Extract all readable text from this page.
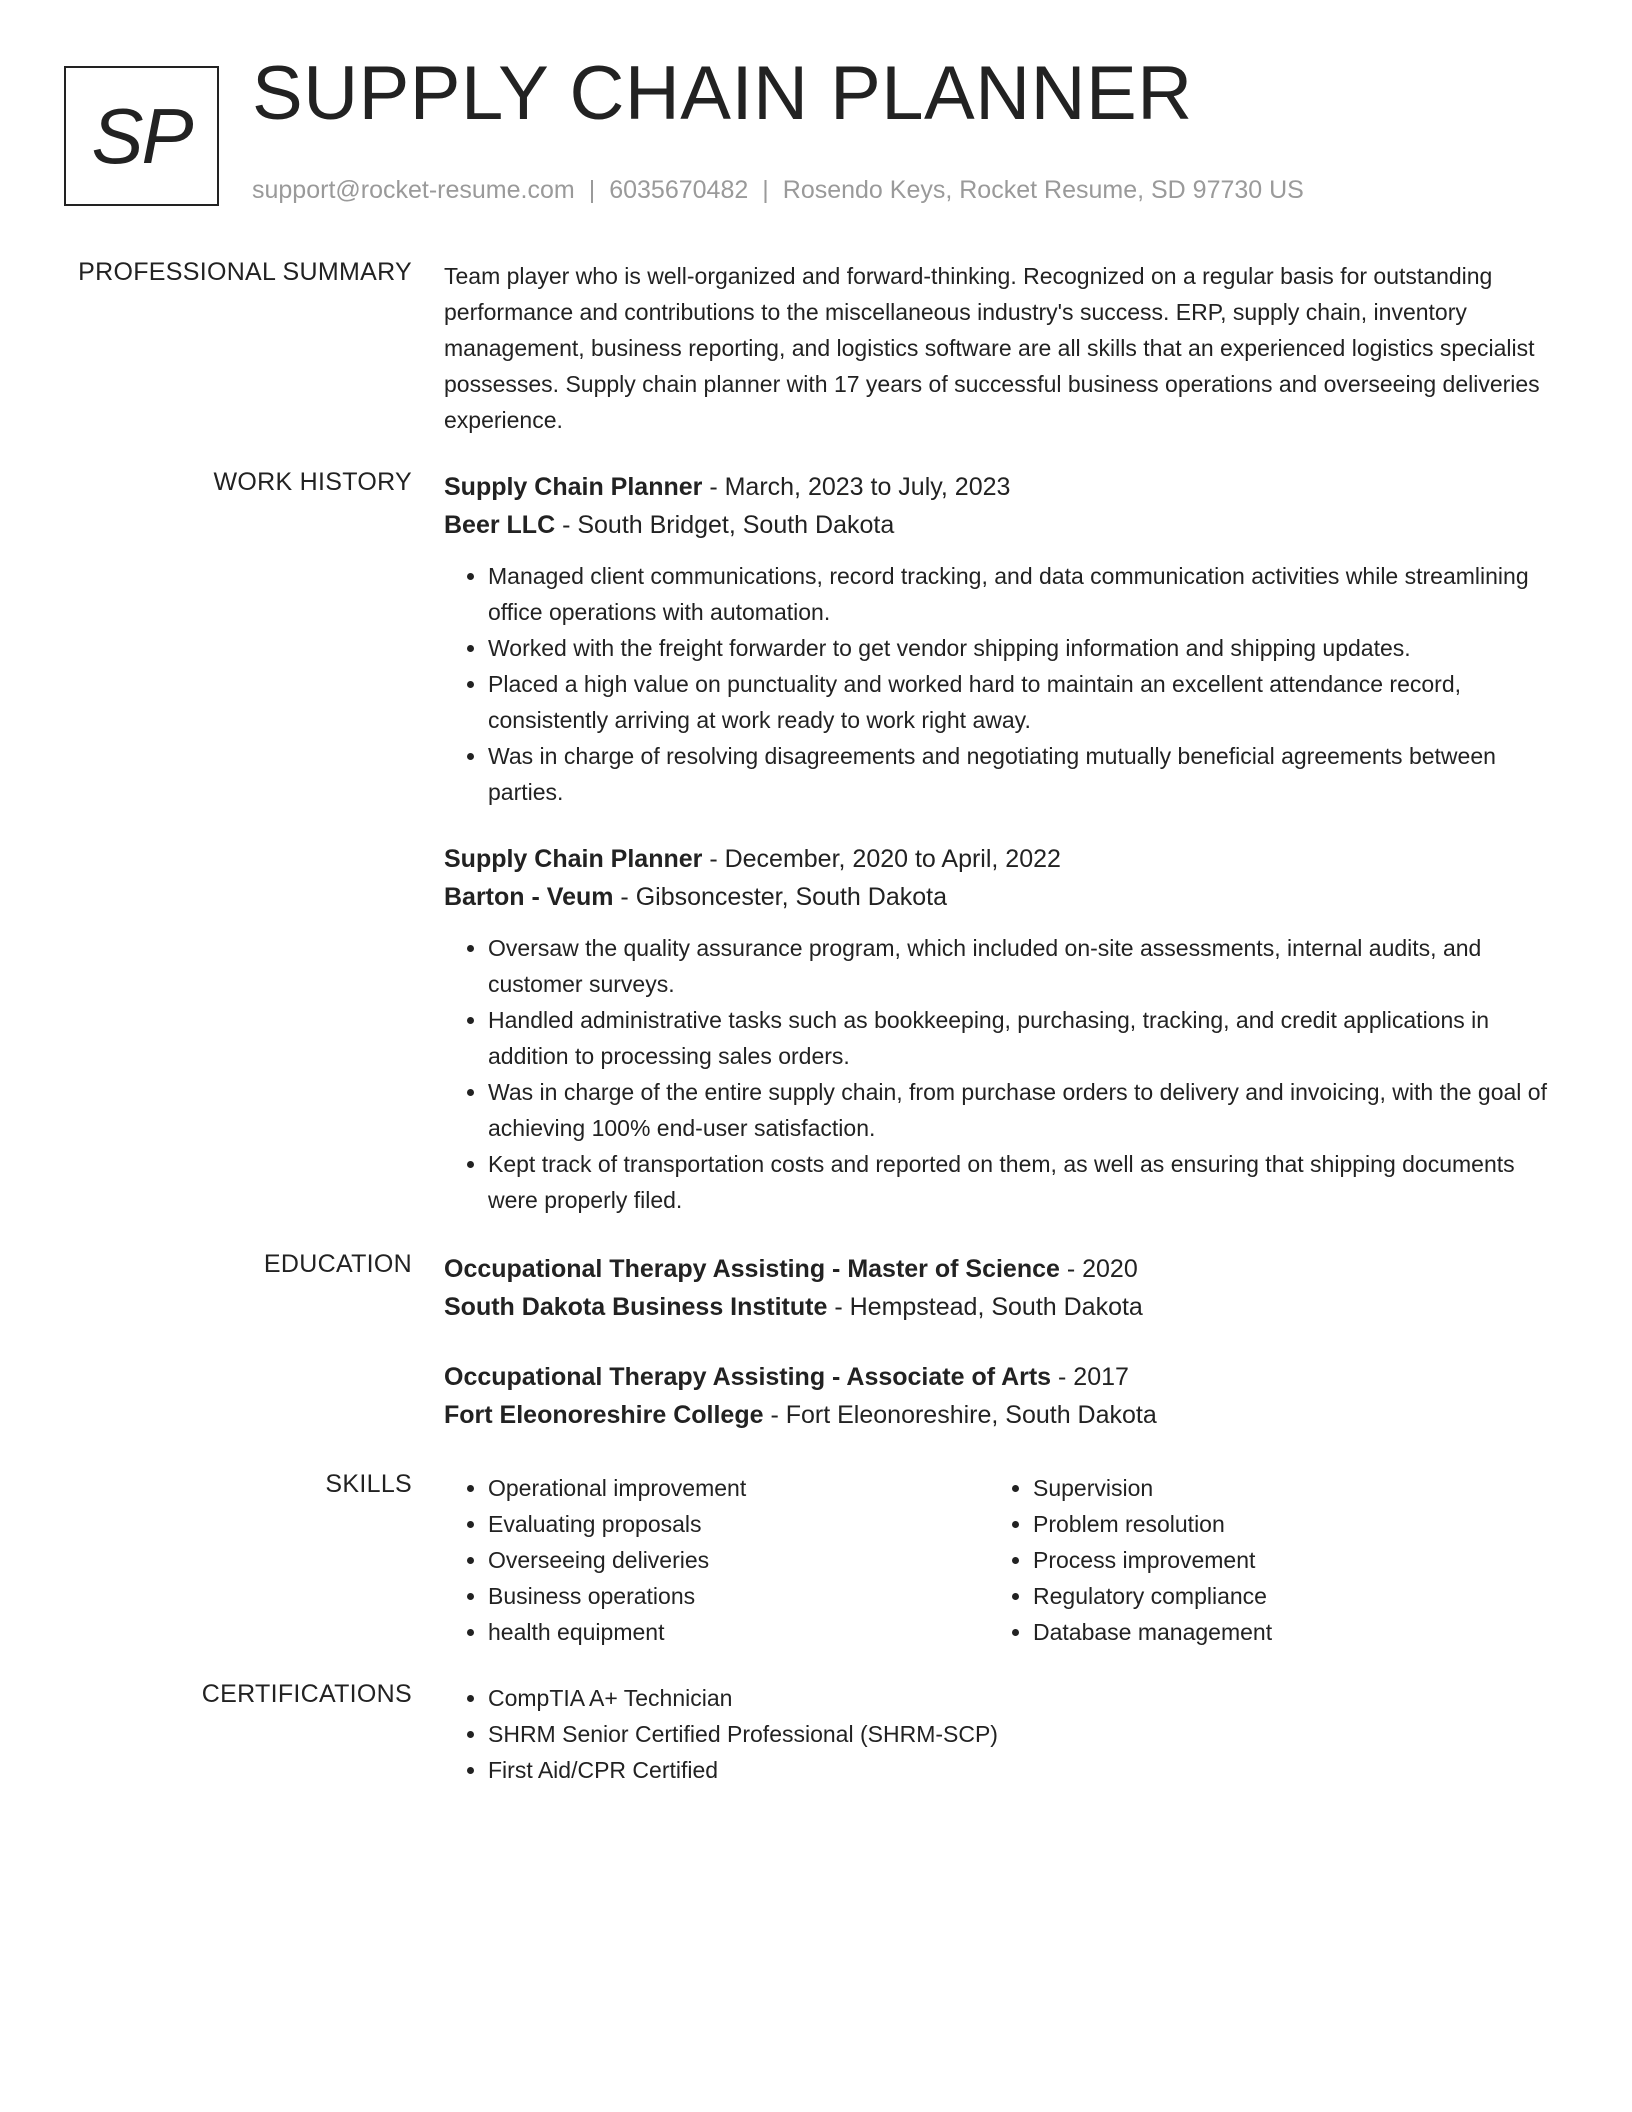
SP SUPPLY CHAIN PLANNER
support@rocket-resume.com | 6035670482 | Rosendo Keys, Rocket Resume, SD 97730 US
PROFESSIONAL SUMMARY Team player who is well-organized and forward-thinking. Recognized on a regular basis for outstanding performance and contributions to the miscellaneous industry's success. ERP, supply chain, inventory management, business reporting, and logistics software are all skills that an experienced logistics specialist possesses. Supply chain planner with 17 years of successful business operations and overseeing deliveries experience.

WORK HISTORY Supply Chain Planner - March, 2023 to July, 2023
Beer LLC - South Bridget, South Dakota
• Managed client communications, record tracking, and data communication activities while streamlining office operations with automation.
• Worked with the freight forwarder to get vendor shipping information and shipping updates.
• Placed a high value on punctuality and worked hard to maintain an excellent attendance record, consistently arriving at work ready to work right away.
• Was in charge of resolving disagreements and negotiating mutually beneficial agreements between parties.
Supply Chain Planner - December, 2020 to April, 2022
Barton - Veum - Gibsoncester, South Dakota
• Oversaw the quality assurance program, which included on-site assessments, internal audits, and customer surveys.
• Handled administrative tasks such as bookkeeping, purchasing, tracking, and credit applications in addition to processing sales orders.
• Was in charge of the entire supply chain, from purchase orders to delivery and invoicing, with the goal of achieving 100% end-user satisfaction.
• Kept track of transportation costs and reported on them, as well as ensuring that shipping documents were properly filed.
EDUCATION Occupational Therapy Assisting - Master of Science - 2020
South Dakota Business Institute - Hempstead, South Dakota
Occupational Therapy Assisting - Associate of Arts - 2017
Fort Eleonoreshire College - Fort Eleonoreshire, South Dakota
SKILLS	• Operational improvement
• Evaluating proposals
• Overseeing deliveries
• Business operations
• health equipment
• Supervision
• Problem resolution
• Process improvement
• Regulatory compliance
• Database management
CERTIFICATIONS	• CompTIA A+ Technician
• SHRM Senior Certified Professional (SHRM-SCP)
• First Aid/CPR Certified
